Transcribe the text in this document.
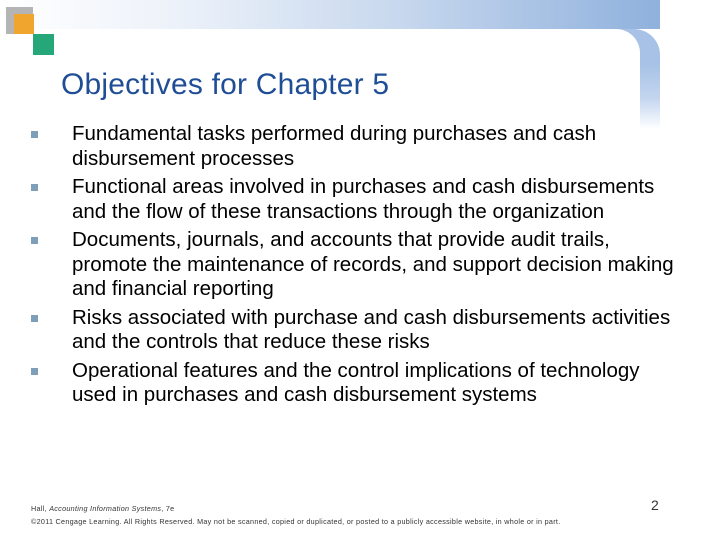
Objectives for Chapter 5
Fundamental tasks performed during purchases and cash disbursement processes
Functional areas involved in purchases and cash disbursements and the flow of these transactions through the organization
Documents, journals, and accounts that provide audit trails, promote the maintenance of records, and support decision making and financial reporting
Risks associated with purchase and cash disbursements activities and the controls that reduce these risks
Operational features and the control implications of technology used in purchases and cash disbursement systems
Hall, Accounting Information Systems, 7e
©2011 Cengage Learning. All Rights Reserved. May not be scanned, copied or duplicated, or posted to a publicly accessible website, in whole or in part.
2
